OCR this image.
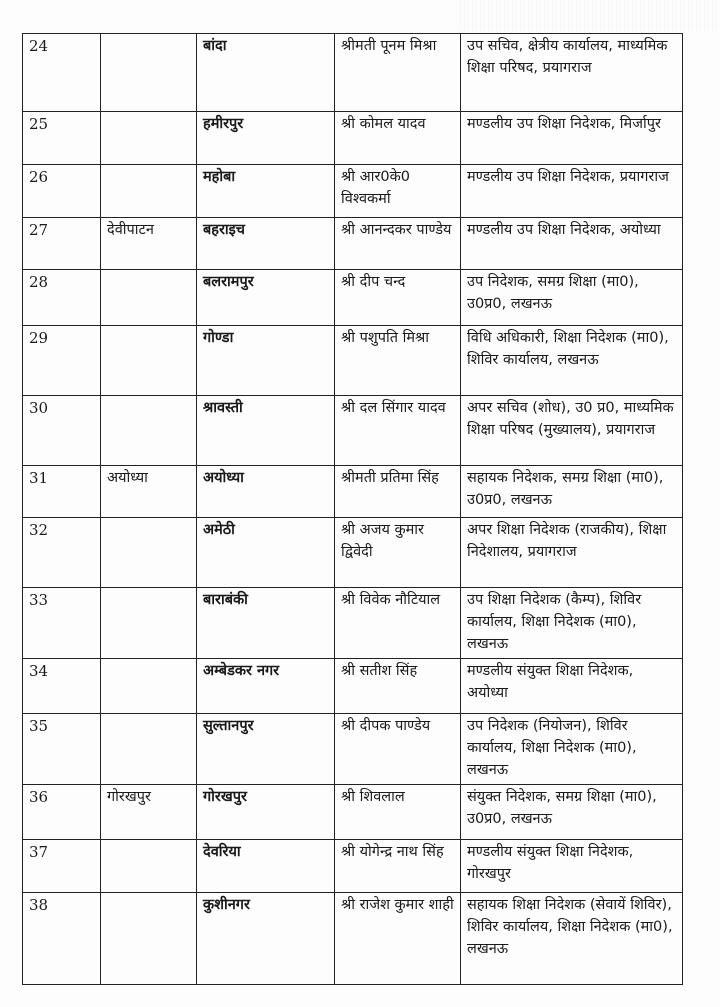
24		बांदा	श्रीमती पूनम मिश्रा	उप सचिव, क्षेत्रीय कार्यालय, माध्यमिक शिक्षा परिषद, प्रयागराज
25		हमीरपुर	श्री कोमल यादव	मण्डलीय उप शिक्षा निदेशक, मिर्जापुर
26		महोबा	श्री आर0के0 विश्वकर्मा	मण्डलीय उप शिक्षा निदेशक, प्रयागराज
27	देवीपाटन	बहराइच	श्री आनन्दकर पाण्डेय	मण्डलीय उप शिक्षा निदेशक, अयोध्या
28		बलरामपुर	श्री दीप चन्द	उप निदेशक, समग्र शिक्षा (मा0), उ0प्र0, लखनऊ
29		गोण्डा	श्री पशुपति मिश्रा	विधि अधिकारी, शिक्षा निदेशक (मा0), शिविर कार्यालय, लखनऊ
30		श्रावस्ती	श्री दल सिंगार यादव	अपर सचिव (शोध), उ0 प्र0, माध्यमिक शिक्षा परिषद (मुख्यालय), प्रयागराज
31	अयोध्या	अयोध्या	श्रीमती प्रतिमा सिंह	सहायक निदेशक, समग्र शिक्षा (मा0), उ0प्र0, लखनऊ
32		अमेठी	श्री अजय कुमार द्विवेदी	अपर शिक्षा निदेशक (राजकीय), शिक्षा निदेशालय, प्रयागराज
33		बाराबंकी	श्री विवेक नौटियाल	उप शिक्षा निदेशक (कैम्प), शिविर कार्यालय, शिक्षा निदेशक (मा0), लखनऊ
34		अम्बेडकर नगर	श्री सतीश सिंह	मण्डलीय संयुक्त शिक्षा निदेशक, अयोध्या
35		सुल्तानपुर	श्री दीपक पाण्डेय	उप निदेशक (नियोजन), शिविर कार्यालय, शिक्षा निदेशक (मा0), लखनऊ
36	गोरखपुर	गोरखपुर	श्री शिवलाल	संयुक्त निदेशक, समग्र शिक्षा (मा0), उ0प्र0, लखनऊ
37		देवरिया	श्री योगेन्द्र नाथ सिंह	मण्डलीय संयुक्त शिक्षा निदेशक, गोरखपुर
38		कुशीनगर	श्री राजेश कुमार शाही	सहायक शिक्षा निदेशक (सेवायें शिविर), शिविर कार्यालय, शिक्षा निदेशक (मा0), लखनऊ
